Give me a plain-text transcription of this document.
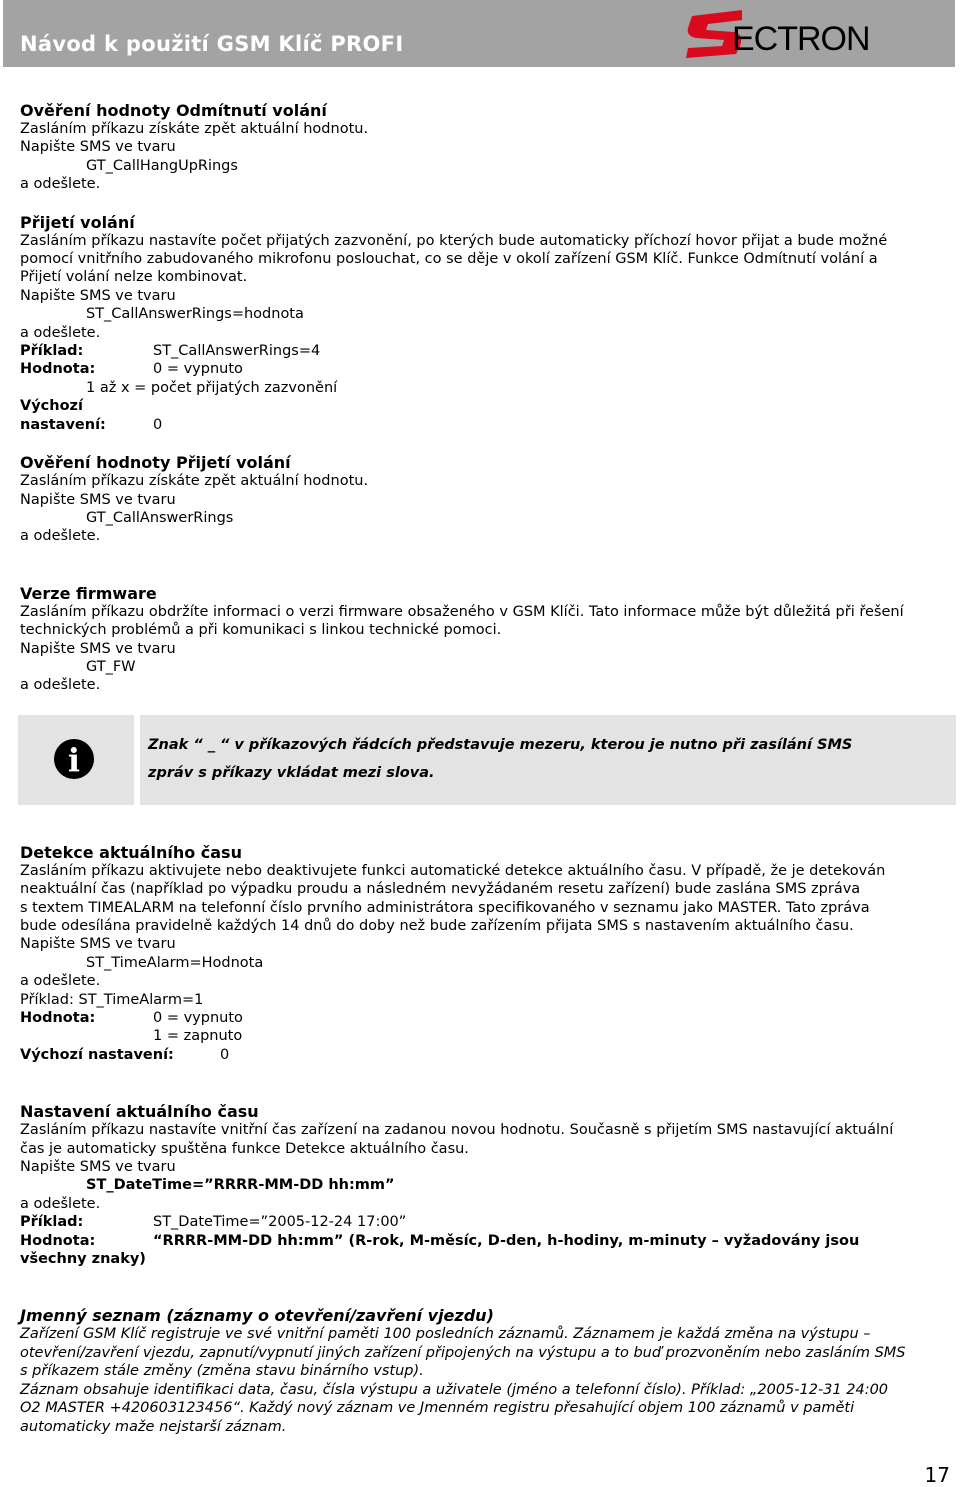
Návod k použití GSM Klíč PROFI	ECTRON
Ověření hodnoty Odmítnutí volání
Zasláním příkazu získáte zpět aktuální hodnotu.
Napište SMS ve tvaru
GT_CallHangUpRings
a odešlete.
Přijetí volání
Zasláním příkazu nastavíte počet přijatých zazvonění, po kterých bude automaticky příchozí hovor přijat a bude možné
pomocí vnitřního zabudovaného mikrofonu poslouchat, co se děje v okolí zařízení GSM Klíč. Funkce Odmítnutí volání a
Přijetí volání nelze kombinovat.
Napište SMS ve tvaru
ST_CallAnswerRings=hodnota
a odešlete.
Příklad:	ST_CallAnswerRings=4
Hodnota:	0 = vypnuto
1 až x = počet přijatých zazvonění
Výchozí
nastavení:	0
Ověření hodnoty Přijetí volání
Zasláním příkazu získáte zpět aktuální hodnotu.
Napište SMS ve tvaru
GT_CallAnswerRings
a odešlete.
Verze firmware
Zasláním příkazu obdržíte informaci o verzi firmware obsaženého v GSM Klíči. Tato informace může být důležitá při řešení
technických problémů a při komunikaci s linkou technické pomoci.
Napište SMS ve tvaru
GT_FW
a odešlete.
i	Znak “ _ “ v příkazových řádcích představuje mezeru, kterou je nutno při zasílání SMS
zpráv s příkazy vkládat mezi slova.
Detekce aktuálního času
Zasláním příkazu aktivujete nebo deaktivujete funkci automatické detekce aktuálního času. V případě, že je detekován
neaktuální čas (například po výpadku proudu a následném nevyžádaném resetu zařízení) bude zaslána SMS zpráva
s textem TIMEALARM na telefonní číslo prvního administrátora specifikovaného v seznamu jako MASTER. Tato zpráva
bude odesílána pravidelně každých 14 dnů do doby než bude zařízením přijata SMS s nastavením aktuálního času.
Napište SMS ve tvaru
ST_TimeAlarm=Hodnota
a odešlete.
Příklad: ST_TimeAlarm=1
Hodnota:	0 = vypnuto
1 = zapnuto
Výchozí nastavení:	0
Nastavení aktuálního času
Zasláním příkazu nastavíte vnitřní čas zařízení na zadanou novou hodnotu. Současně s přijetím SMS nastavující aktuální
čas je automaticky spuštěna funkce Detekce aktuálního času.
Napište SMS ve tvaru
ST_DateTime=”RRRR-MM-DD hh:mm”
a odešlete.
Příklad:	ST_DateTime=”2005-12-24 17:00”
Hodnota:	“RRRR-MM-DD hh:mm” (R-rok, M-měsíc, D-den, h-hodiny, m-minuty – vyžadovány jsou
všechny znaky)
Jmenný seznam (záznamy o otevření/zavření vjezdu)
Zařízení GSM Klíč registruje ve své vnitřní paměti 100 posledních záznamů. Záznamem je každá změna na výstupu –
otevření/zavření vjezdu, zapnutí/vypnutí jiných zařízení připojených na výstupu a to buď prozvoněním nebo zasláním SMS
s příkazem stále změny (změna stavu binárního vstup).
Záznam obsahuje identifikaci data, času, čísla výstupu a uživatele (jméno a telefonní číslo). Příklad: „2005-12-31 24:00
O2 MASTER +420603123456“. Každý nový záznam ve Jmenném registru přesahující objem 100 záznamů v paměti
automaticky maže nejstarší záznam.
17
